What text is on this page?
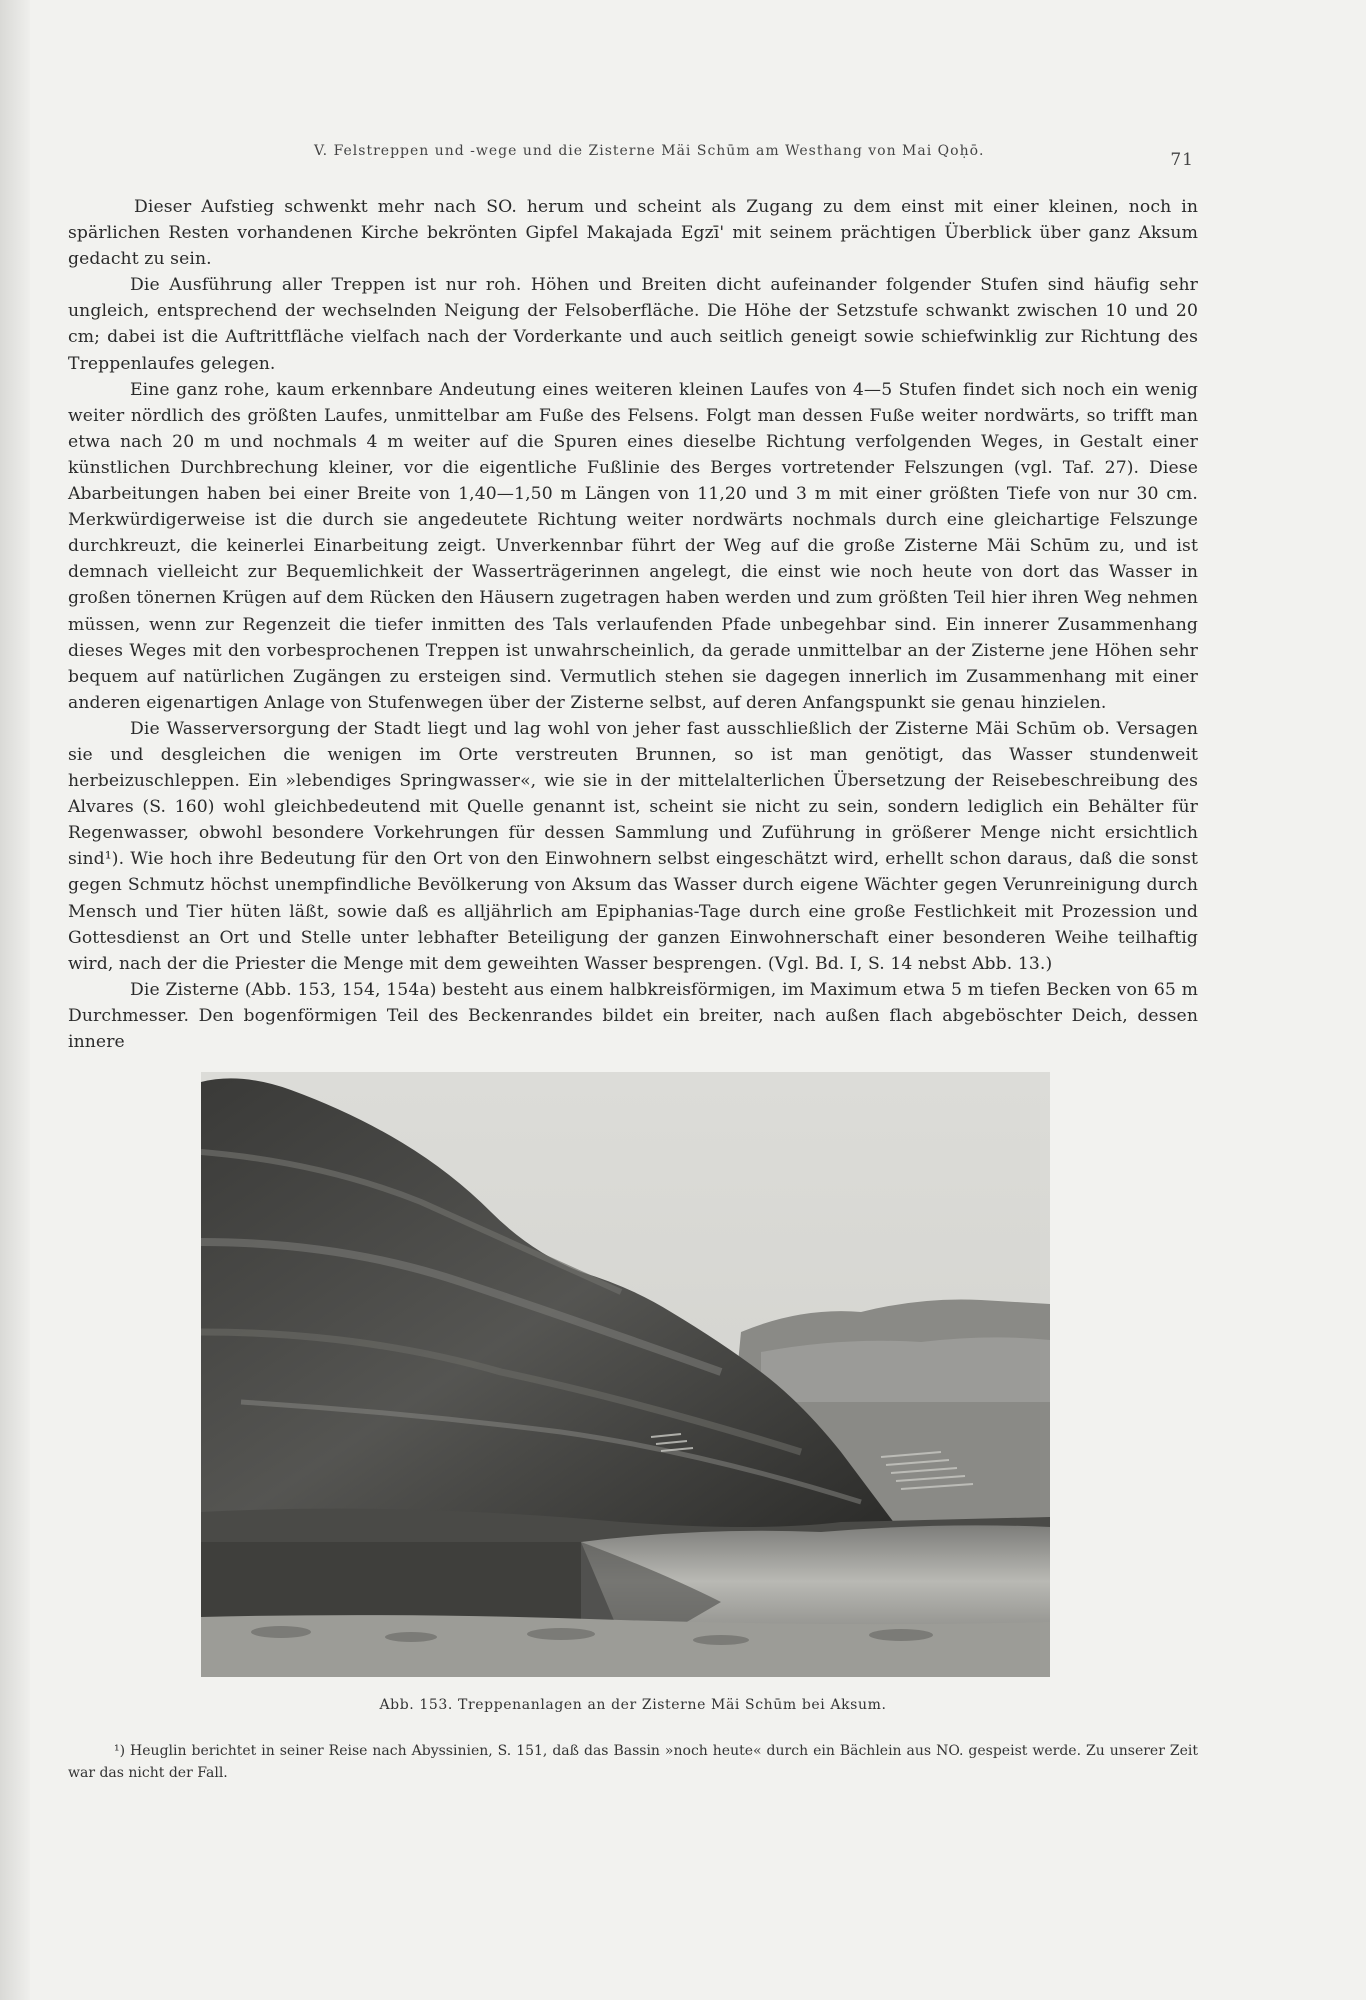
V. Felstreppen und -wege und die Zisterne Mäi Schūm am Westhang von Mai Qoḥō.	71

Dieser Aufstieg schwenkt mehr nach SO. herum und scheint als Zugang zu dem einst mit einer kleinen, noch in spärlichen Resten vorhandenen Kirche bekrönten Gipfel Makajada Egzī' mit seinem prächtigen Überblick über ganz Aksum gedacht zu sein.

Die Ausführung aller Treppen ist nur roh. Höhen und Breiten dicht aufeinander folgender Stufen sind häufig sehr ungleich, entsprechend der wechselnden Neigung der Felsoberfläche. Die Höhe der Setzstufe schwankt zwischen 10 und 20 cm; dabei ist die Auftrittfläche vielfach nach der Vorderkante und auch seitlich geneigt sowie schiefwinklig zur Richtung des Treppenlaufes gelegen.

Eine ganz rohe, kaum erkennbare Andeutung eines weiteren kleinen Laufes von 4—5 Stufen findet sich noch ein wenig weiter nördlich des größten Laufes, unmittelbar am Fuße des Felsens. Folgt man dessen Fuße weiter nordwärts, so trifft man etwa nach 20 m und nochmals 4 m weiter auf die Spuren eines dieselbe Richtung verfolgenden Weges, in Gestalt einer künstlichen Durchbrechung kleiner, vor die eigentliche Fußlinie des Berges vortretender Felszungen (vgl. Taf. 27). Diese Abarbeitungen haben bei einer Breite von 1,40—1,50 m Längen von 11,20 und 3 m mit einer größten Tiefe von nur 30 cm. Merkwürdigerweise ist die durch sie angedeutete Richtung weiter nordwärts nochmals durch eine gleichartige Felszunge durchkreuzt, die keinerlei Einarbeitung zeigt. Unverkennbar führt der Weg auf die große Zisterne Mäi Schūm zu, und ist demnach vielleicht zur Bequemlichkeit der Wasserträgerinnen angelegt, die einst wie noch heute von dort das Wasser in großen tönernen Krügen auf dem Rücken den Häusern zugetragen haben werden und zum größten Teil hier ihren Weg nehmen müssen, wenn zur Regenzeit die tiefer inmitten des Tals verlaufenden Pfade unbegehbar sind. Ein innerer Zusammenhang dieses Weges mit den vorbesprochenen Treppen ist unwahrscheinlich, da gerade unmittelbar an der Zisterne jene Höhen sehr bequem auf natürlichen Zugängen zu ersteigen sind. Vermutlich stehen sie dagegen innerlich im Zusammenhang mit einer anderen eigenartigen Anlage von Stufenwegen über der Zisterne selbst, auf deren Anfangspunkt sie genau hinzielen.

Die Wasserversorgung der Stadt liegt und lag wohl von jeher fast ausschließlich der Zisterne Mäi Schūm ob. Versagen sie und desgleichen die wenigen im Orte verstreuten Brunnen, so ist man genötigt, das Wasser stundenweit herbeizuschleppen. Ein »lebendiges Springwasser«, wie sie in der mittelalterlichen Übersetzung der Reisebeschreibung des Alvares (S. 160) wohl gleichbedeutend mit Quelle genannt ist, scheint sie nicht zu sein, sondern lediglich ein Behälter für Regenwasser, obwohl besondere Vorkehrungen für dessen Sammlung und Zuführung in größerer Menge nicht ersichtlich sind¹). Wie hoch ihre Bedeutung für den Ort von den Einwohnern selbst eingeschätzt wird, erhellt schon daraus, daß die sonst gegen Schmutz höchst unempfindliche Bevölkerung von Aksum das Wasser durch eigene Wächter gegen Verunreinigung durch Mensch und Tier hüten läßt, sowie daß es alljährlich am Epiphanias-Tage durch eine große Festlichkeit mit Prozession und Gottesdienst an Ort und Stelle unter lebhafter Beteiligung der ganzen Einwohnerschaft einer besonderen Weihe teilhaftig wird, nach der die Priester die Menge mit dem geweihten Wasser besprengen. (Vgl. Bd. I, S. 14 nebst Abb. 13.)

Die Zisterne (Abb. 153, 154, 154a) besteht aus einem halbkreisförmigen, im Maximum etwa 5 m tiefen Becken von 65 m Durchmesser. Den bogenförmigen Teil des Beckenrandes bildet ein breiter, nach außen flach abgeböschter Deich, dessen innere

Abb. 153. Treppenanlagen an der Zisterne Mäi Schūm bei Aksum.

¹) Heuglin berichtet in seiner Reise nach Abyssinien, S. 151, daß das Bassin »noch heute« durch ein Bächlein aus NO. gespeist werde. Zu unserer Zeit war das nicht der Fall.
